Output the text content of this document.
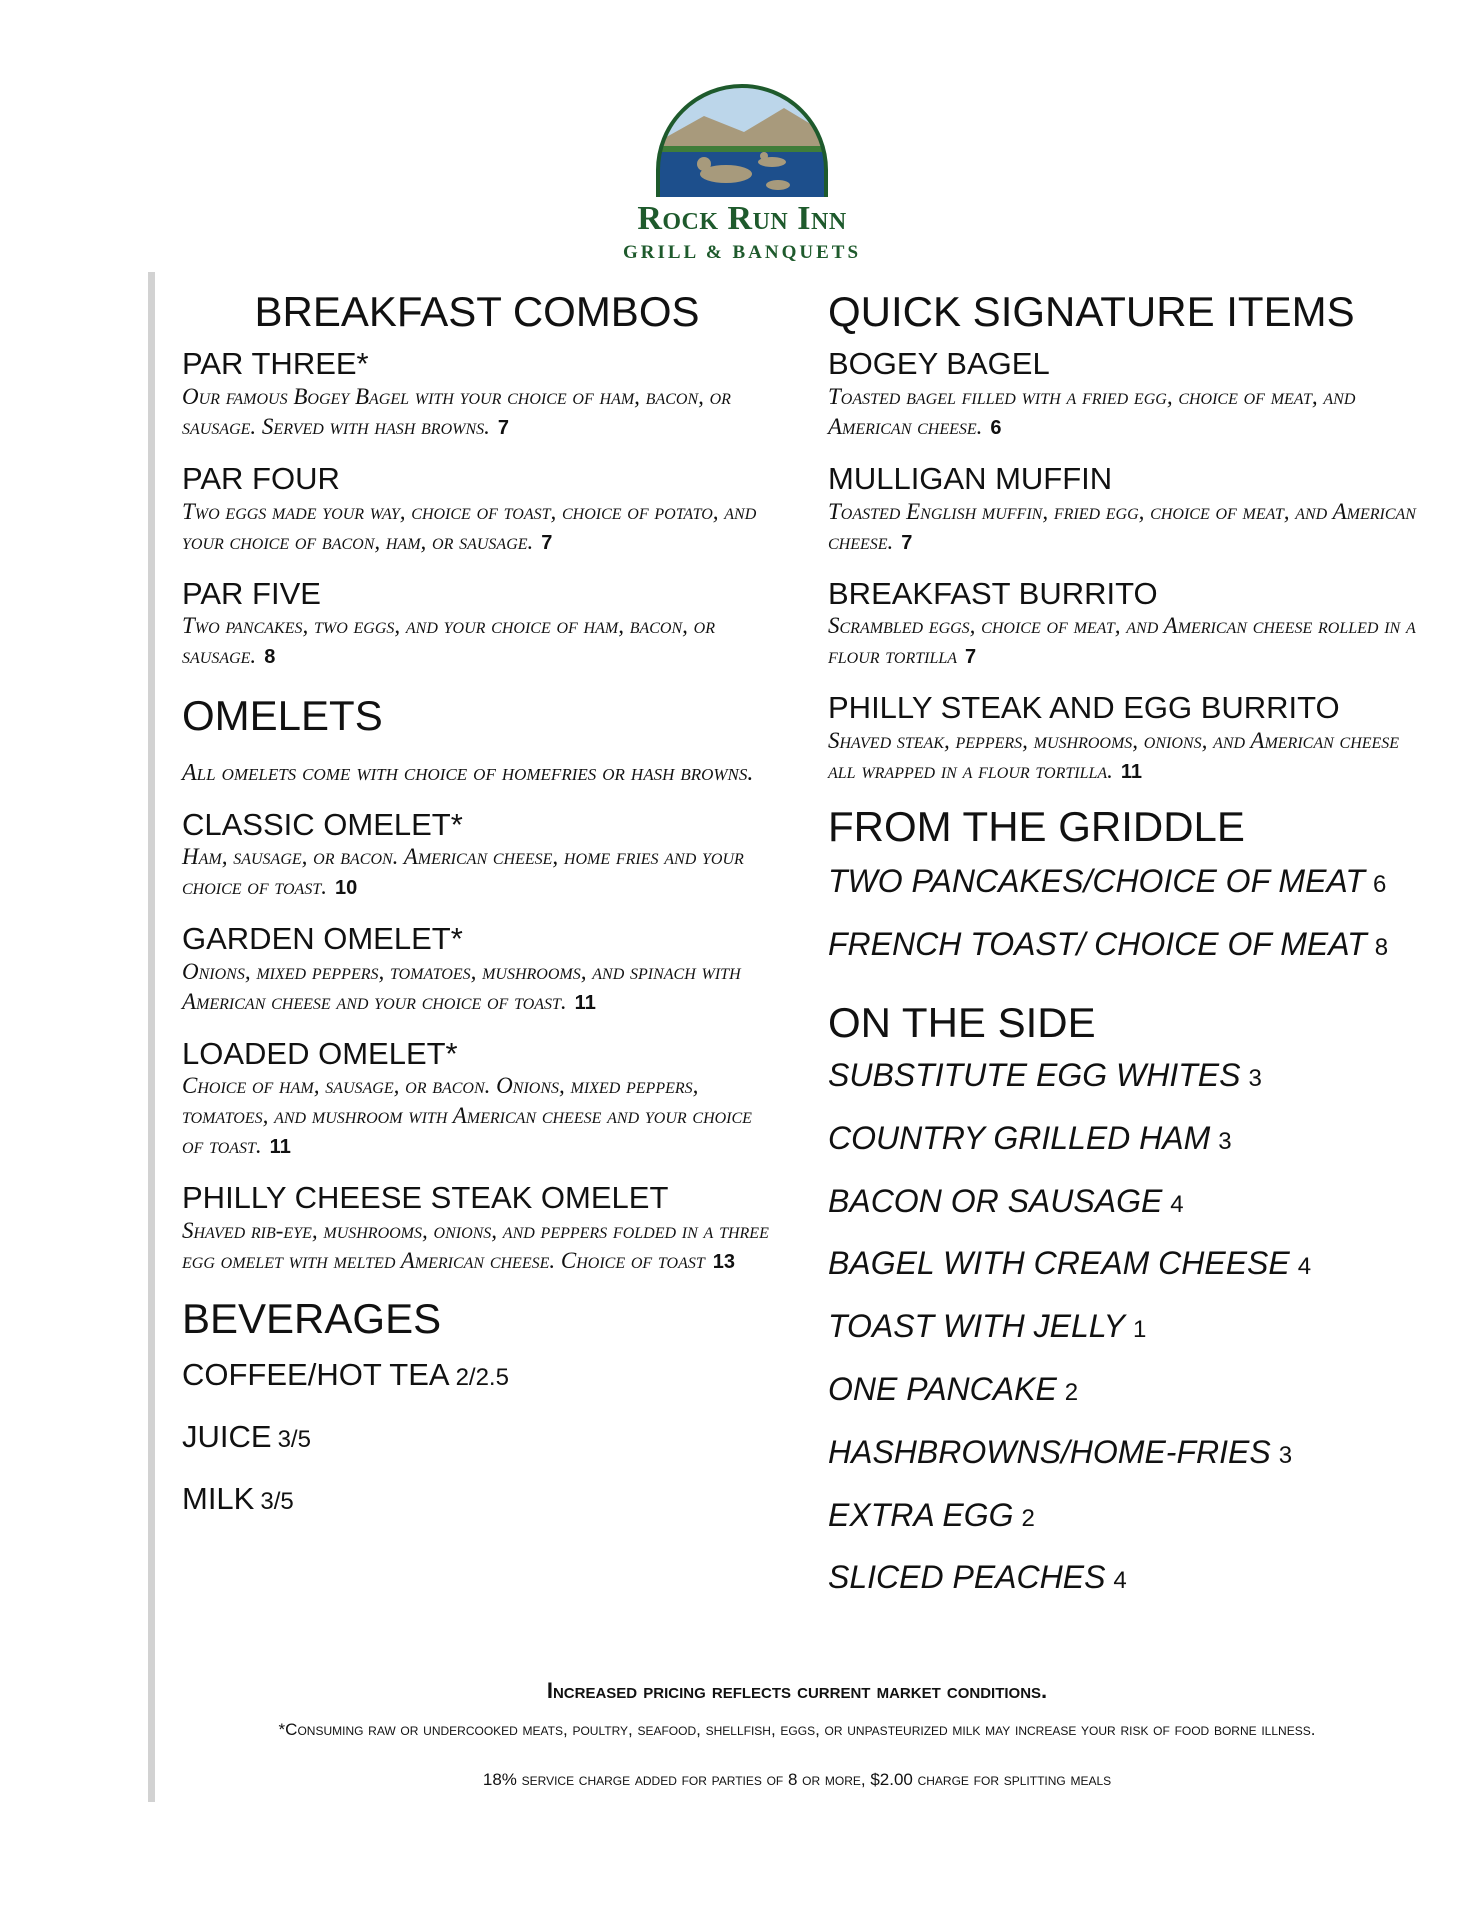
Rock Run Inn
GRILL & BANQUETS
BREAKFAST COMBOS
PAR THREE*
Our famous Bogey Bagel with your choice of ham, bacon, or sausage. Served with hash browns. 7
PAR FOUR
Two eggs made your way, choice of toast, choice of potato, and your choice of bacon, ham, or sausage. 7
PAR FIVE
Two pancakes, two eggs, and your choice of ham, bacon, or sausage. 8
OMELETS
All omelets come with choice of homefries or hash browns.
CLASSIC OMELET*
Ham, sausage, or bacon. American cheese, home fries and your choice of toast. 10
GARDEN OMELET*
Onions, mixed peppers, tomatoes, mushrooms, and spinach with American cheese and your choice of toast. 11
LOADED OMELET*
Choice of ham, sausage, or bacon. Onions, mixed peppers, tomatoes, and mushroom with American cheese and your choice of toast. 11
PHILLY CHEESE STEAK OMELET
Shaved rib-eye, mushrooms, onions, and peppers folded in a three egg omelet with melted American cheese. Choice of toast 13
BEVERAGES
COFFEE/HOT TEA 2/2.5
JUICE 3/5
MILK 3/5
QUICK SIGNATURE ITEMS
BOGEY BAGEL
Toasted bagel filled with a fried egg, choice of meat, and American cheese. 6
MULLIGAN MUFFIN
Toasted English muffin, fried egg, choice of meat, and American cheese. 7
BREAKFAST BURRITO
Scrambled eggs, choice of meat, and American cheese rolled in a flour tortilla 7
PHILLY STEAK AND EGG BURRITO
Shaved steak, peppers, mushrooms, onions, and American cheese all wrapped in a flour tortilla. 11
FROM THE GRIDDLE
TWO PANCAKES/CHOICE OF MEAT 6
FRENCH TOAST/ CHOICE OF MEAT 8
ON THE SIDE
SUBSTITUTE EGG WHITES 3
COUNTRY GRILLED HAM 3
BACON OR SAUSAGE 4
BAGEL WITH CREAM CHEESE 4
TOAST WITH JELLY 1
ONE PANCAKE 2
HASHBROWNS/HOME-FRIES 3
EXTRA EGG 2
SLICED PEACHES 4
Increased pricing reflects current market conditions.
*Consuming raw or undercooked meats, poultry, seafood, shellfish, eggs, or unpasteurized milk may increase your risk of food borne illness.
18% service charge added for parties of 8 or more, $2.00 charge for splitting meals
